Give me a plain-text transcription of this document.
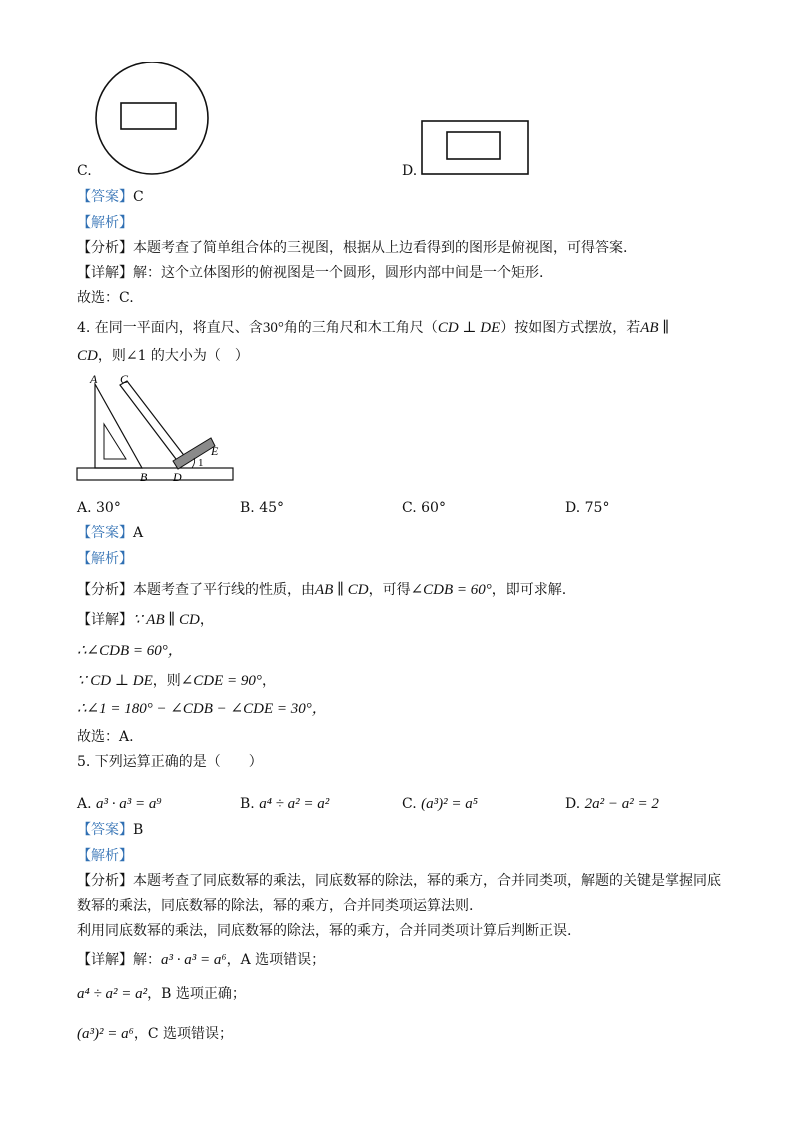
C.	D.
【答案】C
【解析】
【分析】本题考查了简单组合体的三视图，根据从上边看得到的图形是俯视图，可得答案.
【详解】解：这个立体图形的俯视图是一个圆形，圆形内部中间是一个矩形.
故选：C.
4. 在同一平面内，将直尺、含30°角的三角尺和木工角尺（CD ⊥ DE）按如图方式摆放，若AB ∥
CD，则∠1 的大小为（　）
A C
E
1
B D
A. 30°	B. 45°	C. 60°	D. 75°
【答案】A
【解析】
【分析】本题考查了平行线的性质，由AB ∥ CD，可得∠CDB = 60°，即可求解.
【详解】∵ AB ∥ CD，
∴∠CDB = 60°，
∵ CD ⊥ DE，则∠CDE = 90°，
∴∠1 = 180° − ∠CDB − ∠CDE = 30°，
故选：A.
5. 下列运算正确的是（　　）
A. a³ · a³ = a⁹	B. a⁴ ÷ a² = a²	C. (a³)² = a⁵	D. 2a² − a² = 2
【答案】B
【解析】
【分析】本题考查了同底数幂的乘法，同底数幂的除法，幂的乘方，合并同类项，解题的关键是掌握同底
数幂的乘法，同底数幂的除法，幂的乘方，合并同类项运算法则.
利用同底数幂的乘法，同底数幂的除法，幂的乘方，合并同类项计算后判断正误.
【详解】解：a³ · a³ = a⁶，A 选项错误；
a⁴ ÷ a² = a²，B 选项正确；
(a³)² = a⁶，C 选项错误；
